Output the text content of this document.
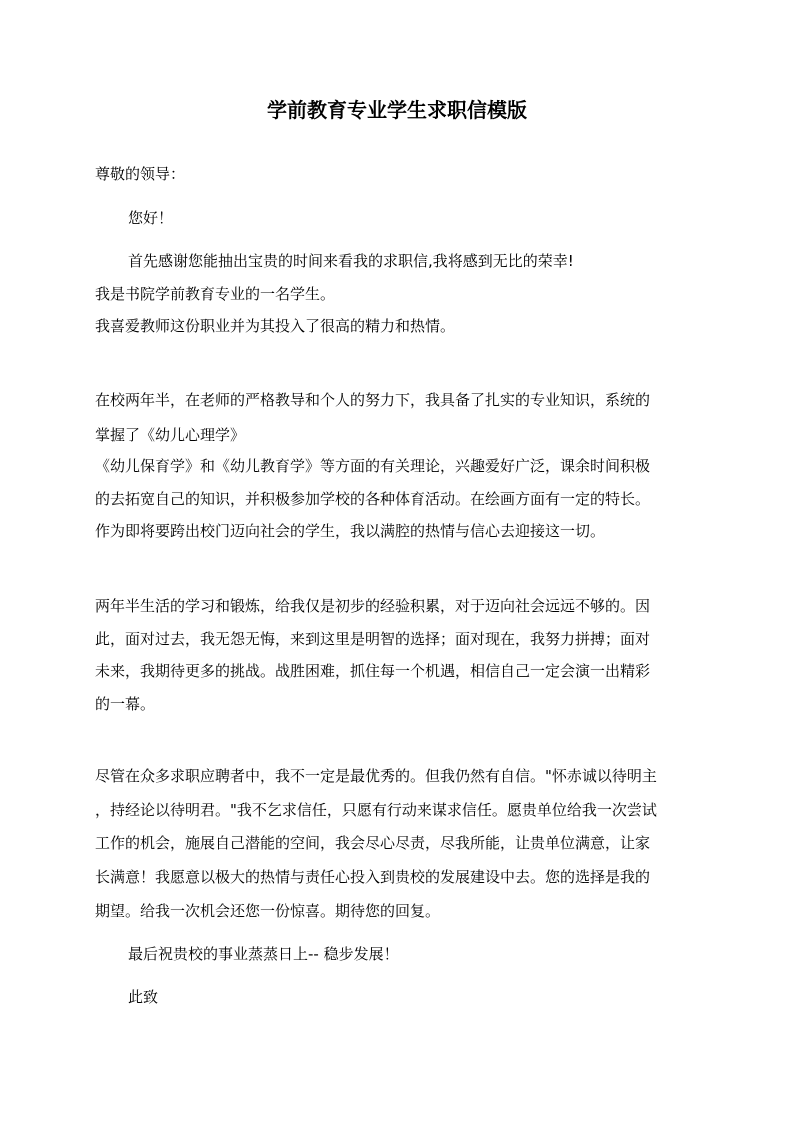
学前教育专业学生求职信模版
尊敬的领导：
您好！
首先感谢您能抽出宝贵的时间来看我的求职信,我将感到无比的荣幸!
我是书院学前教育专业的一名学生。
我喜爱教师这份职业并为其投入了很高的精力和热情。
在校两年半，在老师的严格教导和个人的努力下，我具备了扎实的专业知识，系统的
掌握了《幼儿心理学》
《幼儿保育学》和《幼儿教育学》等方面的有关理论，兴趣爱好广泛，课余时间积极
的去拓宽自己的知识，并积极参加学校的各种体育活动。在绘画方面有一定的特长。
作为即将要跨出校门迈向社会的学生，我以满腔的热情与信心去迎接这一切。
两年半生活的学习和锻炼，给我仅是初步的经验积累，对于迈向社会远远不够的。因
此，面对过去，我无怨无悔，来到这里是明智的选择；面对现在，我努力拼搏；面对
未来，我期待更多的挑战。战胜困难，抓住每一个机遇，相信自己一定会演一出精彩
的一幕。
尽管在众多求职应聘者中，我不一定是最优秀的。但我仍然有自信。"怀赤诚以待明主
，持经论以待明君。"我不乞求信任，只愿有行动来谋求信任。愿贵单位给我一次尝试
工作的机会，施展自己潜能的空间，我会尽心尽责，尽我所能，让贵单位满意，让家
长满意！我愿意以极大的热情与责任心投入到贵校的发展建设中去。您的选择是我的
期望。给我一次机会还您一份惊喜。期待您的回复。
最后祝贵校的事业蒸蒸日上-- 稳步发展！
此致
